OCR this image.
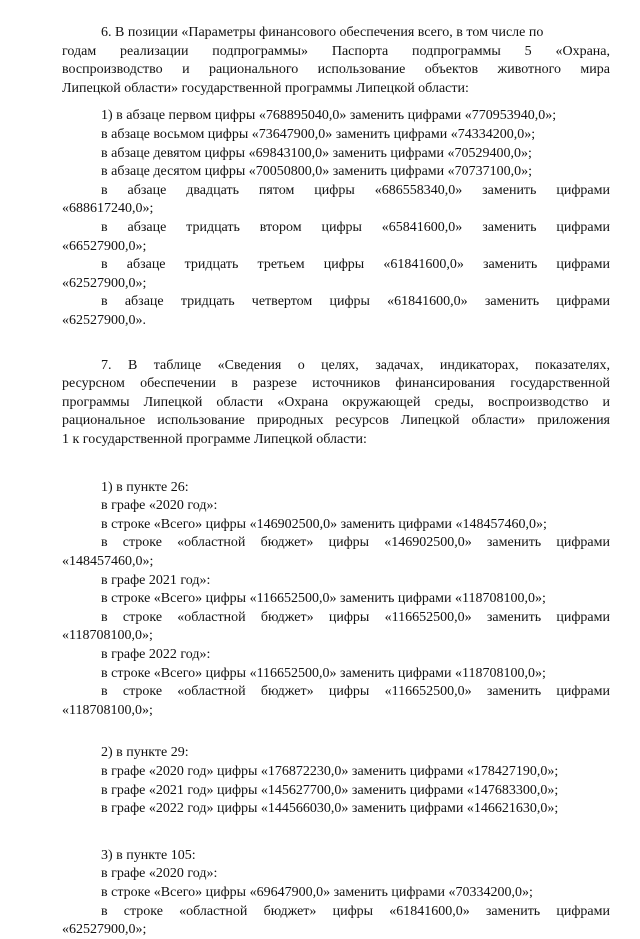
6. В позиции «Параметры финансового обеспечения всего, в том числе по
годам реализации подпрограммы» Паспорта подпрограммы 5 «Охрана,
воспроизводство и рационального использование объектов животного мира
Липецкой области» государственной программы Липецкой области:
1) в абзаце первом цифры «768895040,0» заменить цифрами «770953940,0»;
в абзаце восьмом цифры «73647900,0» заменить цифрами «74334200,0»;
в абзаце девятом цифры «69843100,0» заменить цифрами «70529400,0»;
в абзаце десятом цифры «70050800,0» заменить цифрами «70737100,0»;
в абзаце двадцать пятом цифры «686558340,0» заменить цифрами
«688617240,0»;
в абзаце тридцать втором цифры «65841600,0» заменить цифрами
«66527900,0»;
в абзаце тридцать третьем цифры «61841600,0» заменить цифрами
«62527900,0»;
в абзаце тридцать четвертом цифры «61841600,0» заменить цифрами
«62527900,0».
7. В таблице «Сведения о целях, задачах, индикаторах, показателях,
ресурсном обеспечении в разрезе источников финансирования государственной
программы Липецкой области «Охрана окружающей среды, воспроизводство и
рациональное использование природных ресурсов Липецкой области» приложения
1 к государственной программе Липецкой области:
1) в пункте 26:
в графе «2020 год»:
в строке «Всего» цифры «146902500,0» заменить цифрами «148457460,0»;
в строке «областной бюджет» цифры «146902500,0» заменить цифрами
«148457460,0»;
в графе 2021 год»:
в строке «Всего» цифры «116652500,0» заменить цифрами «118708100,0»;
в строке «областной бюджет» цифры «116652500,0» заменить цифрами
«118708100,0»;
в графе 2022 год»:
в строке «Всего» цифры «116652500,0» заменить цифрами «118708100,0»;
в строке «областной бюджет» цифры «116652500,0» заменить цифрами
«118708100,0»;
2) в пункте 29:
в графе «2020 год» цифры «176872230,0» заменить цифрами «178427190,0»;
в графе «2021 год» цифры «145627700,0» заменить цифрами «147683300,0»;
в графе «2022 год» цифры «144566030,0» заменить цифрами «146621630,0»;
3) в пункте 105:
в графе «2020 год»:
в строке «Всего» цифры «69647900,0» заменить цифрами «70334200,0»;
в строке «областной бюджет» цифры «61841600,0» заменить цифрами
«62527900,0»;
